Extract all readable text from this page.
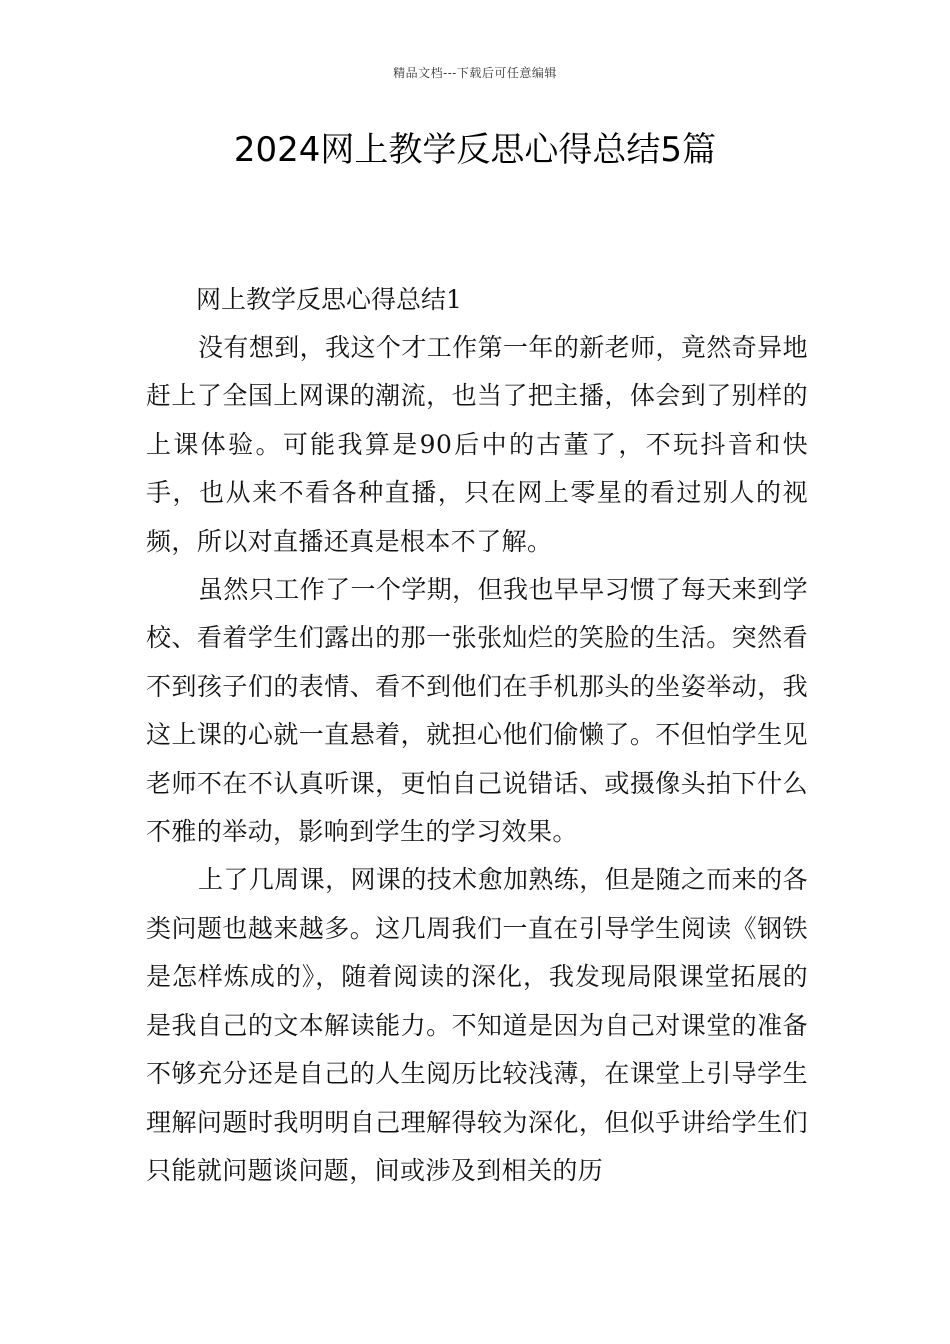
精品文档---下载后可任意编辑
2024网上教学反思心得总结5篇

网上教学反思心得总结1

没有想到，我这个才工作第一年的新老师，竟然奇异地赶上了全国上网课的潮流，也当了把主播，体会到了别样的上课体验。可能我算是90后中的古董了，不玩抖音和快手，也从来不看各种直播，只在网上零星的看过别人的视频，所以对直播还真是根本不了解。

虽然只工作了一个学期，但我也早早习惯了每天来到学校、看着学生们露出的那一张张灿烂的笑脸的生活。突然看不到孩子们的表情、看不到他们在手机那头的坐姿举动，我这上课的心就一直悬着，就担心他们偷懒了。不但怕学生见老师不在不认真听课，更怕自己说错话、或摄像头拍下什么不雅的举动，影响到学生的学习效果。

上了几周课，网课的技术愈加熟练，但是随之而来的各类问题也越来越多。这几周我们一直在引导学生阅读《钢铁是怎样炼成的》，随着阅读的深化，我发现局限课堂拓展的是我自己的文本解读能力。不知道是因为自己对课堂的准备不够充分还是自己的人生阅历比较浅薄，在课堂上引导学生理解问题时我明明自己理解得较为深化，但似乎讲给学生们只能就问题谈问题，间或涉及到相关的历
